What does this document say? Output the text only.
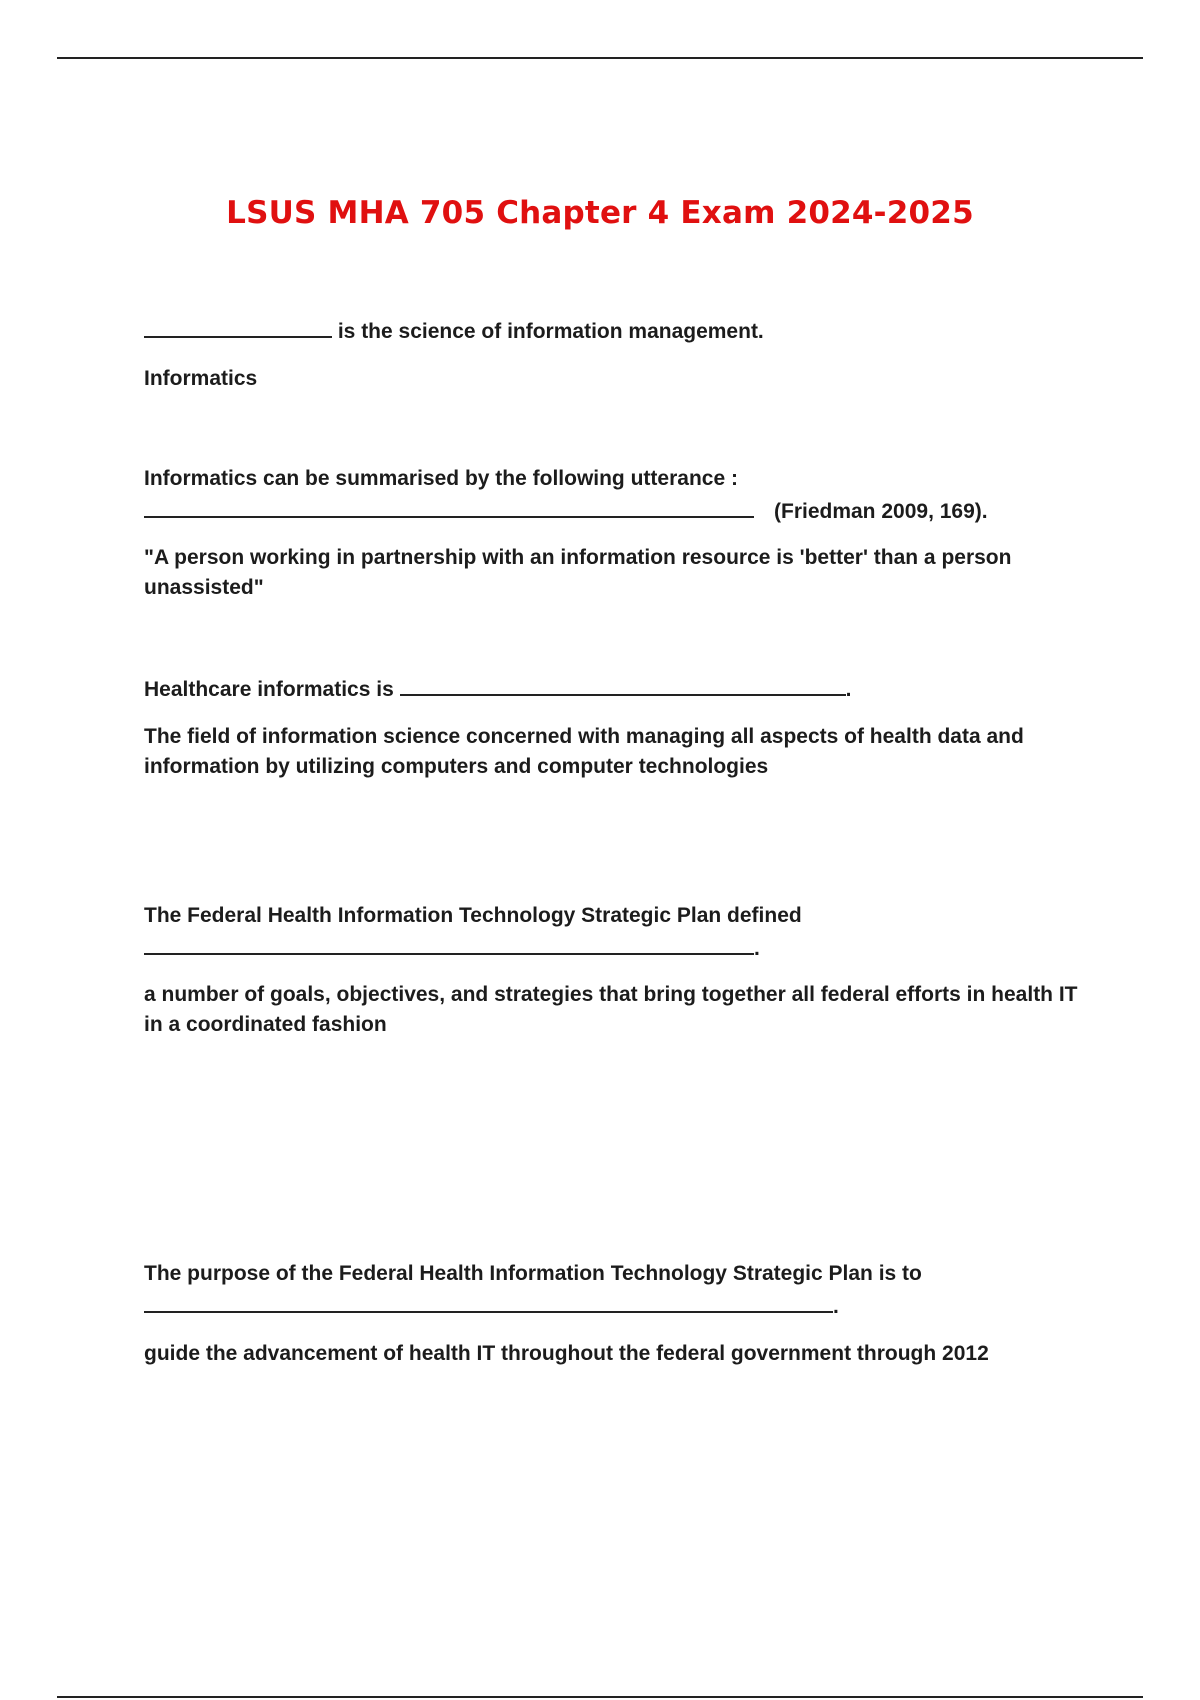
LSUS MHA 705 Chapter 4 Exam 2024-2025
is the science of information management.
Informatics
Informatics can be summarised by the following utterance :
(Friedman 2009, 169).
"A person working in partnership with an information resource is 'better' than a person unassisted"
Healthcare informatics is	.
The field of information science concerned with managing all aspects of health data and information by utilizing computers and computer technologies
The Federal Health Information Technology Strategic Plan defined
.
a number of goals, objectives, and strategies that bring together all federal efforts in health IT in a coordinated fashion
The purpose of the Federal Health Information Technology Strategic Plan is to
.
guide the advancement of health IT throughout the federal government through 2012
